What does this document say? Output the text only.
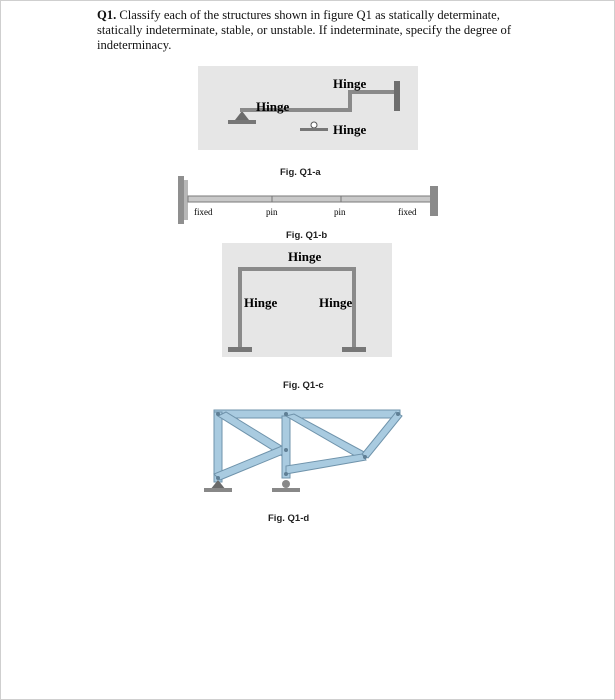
Q1. Classify each of the structures shown in figure Q1 as statically determinate, statically indeterminate, stable, or unstable. If indeterminate, specify the degree of indeterminacy.
Hinge
Hinge
Hinge
Fig. Q1-a
fixed	pin	pin	fixed
Fig. Q1-b
Hinge
Hinge	Hinge
Fig. Q1-c
Fig. Q1-d
